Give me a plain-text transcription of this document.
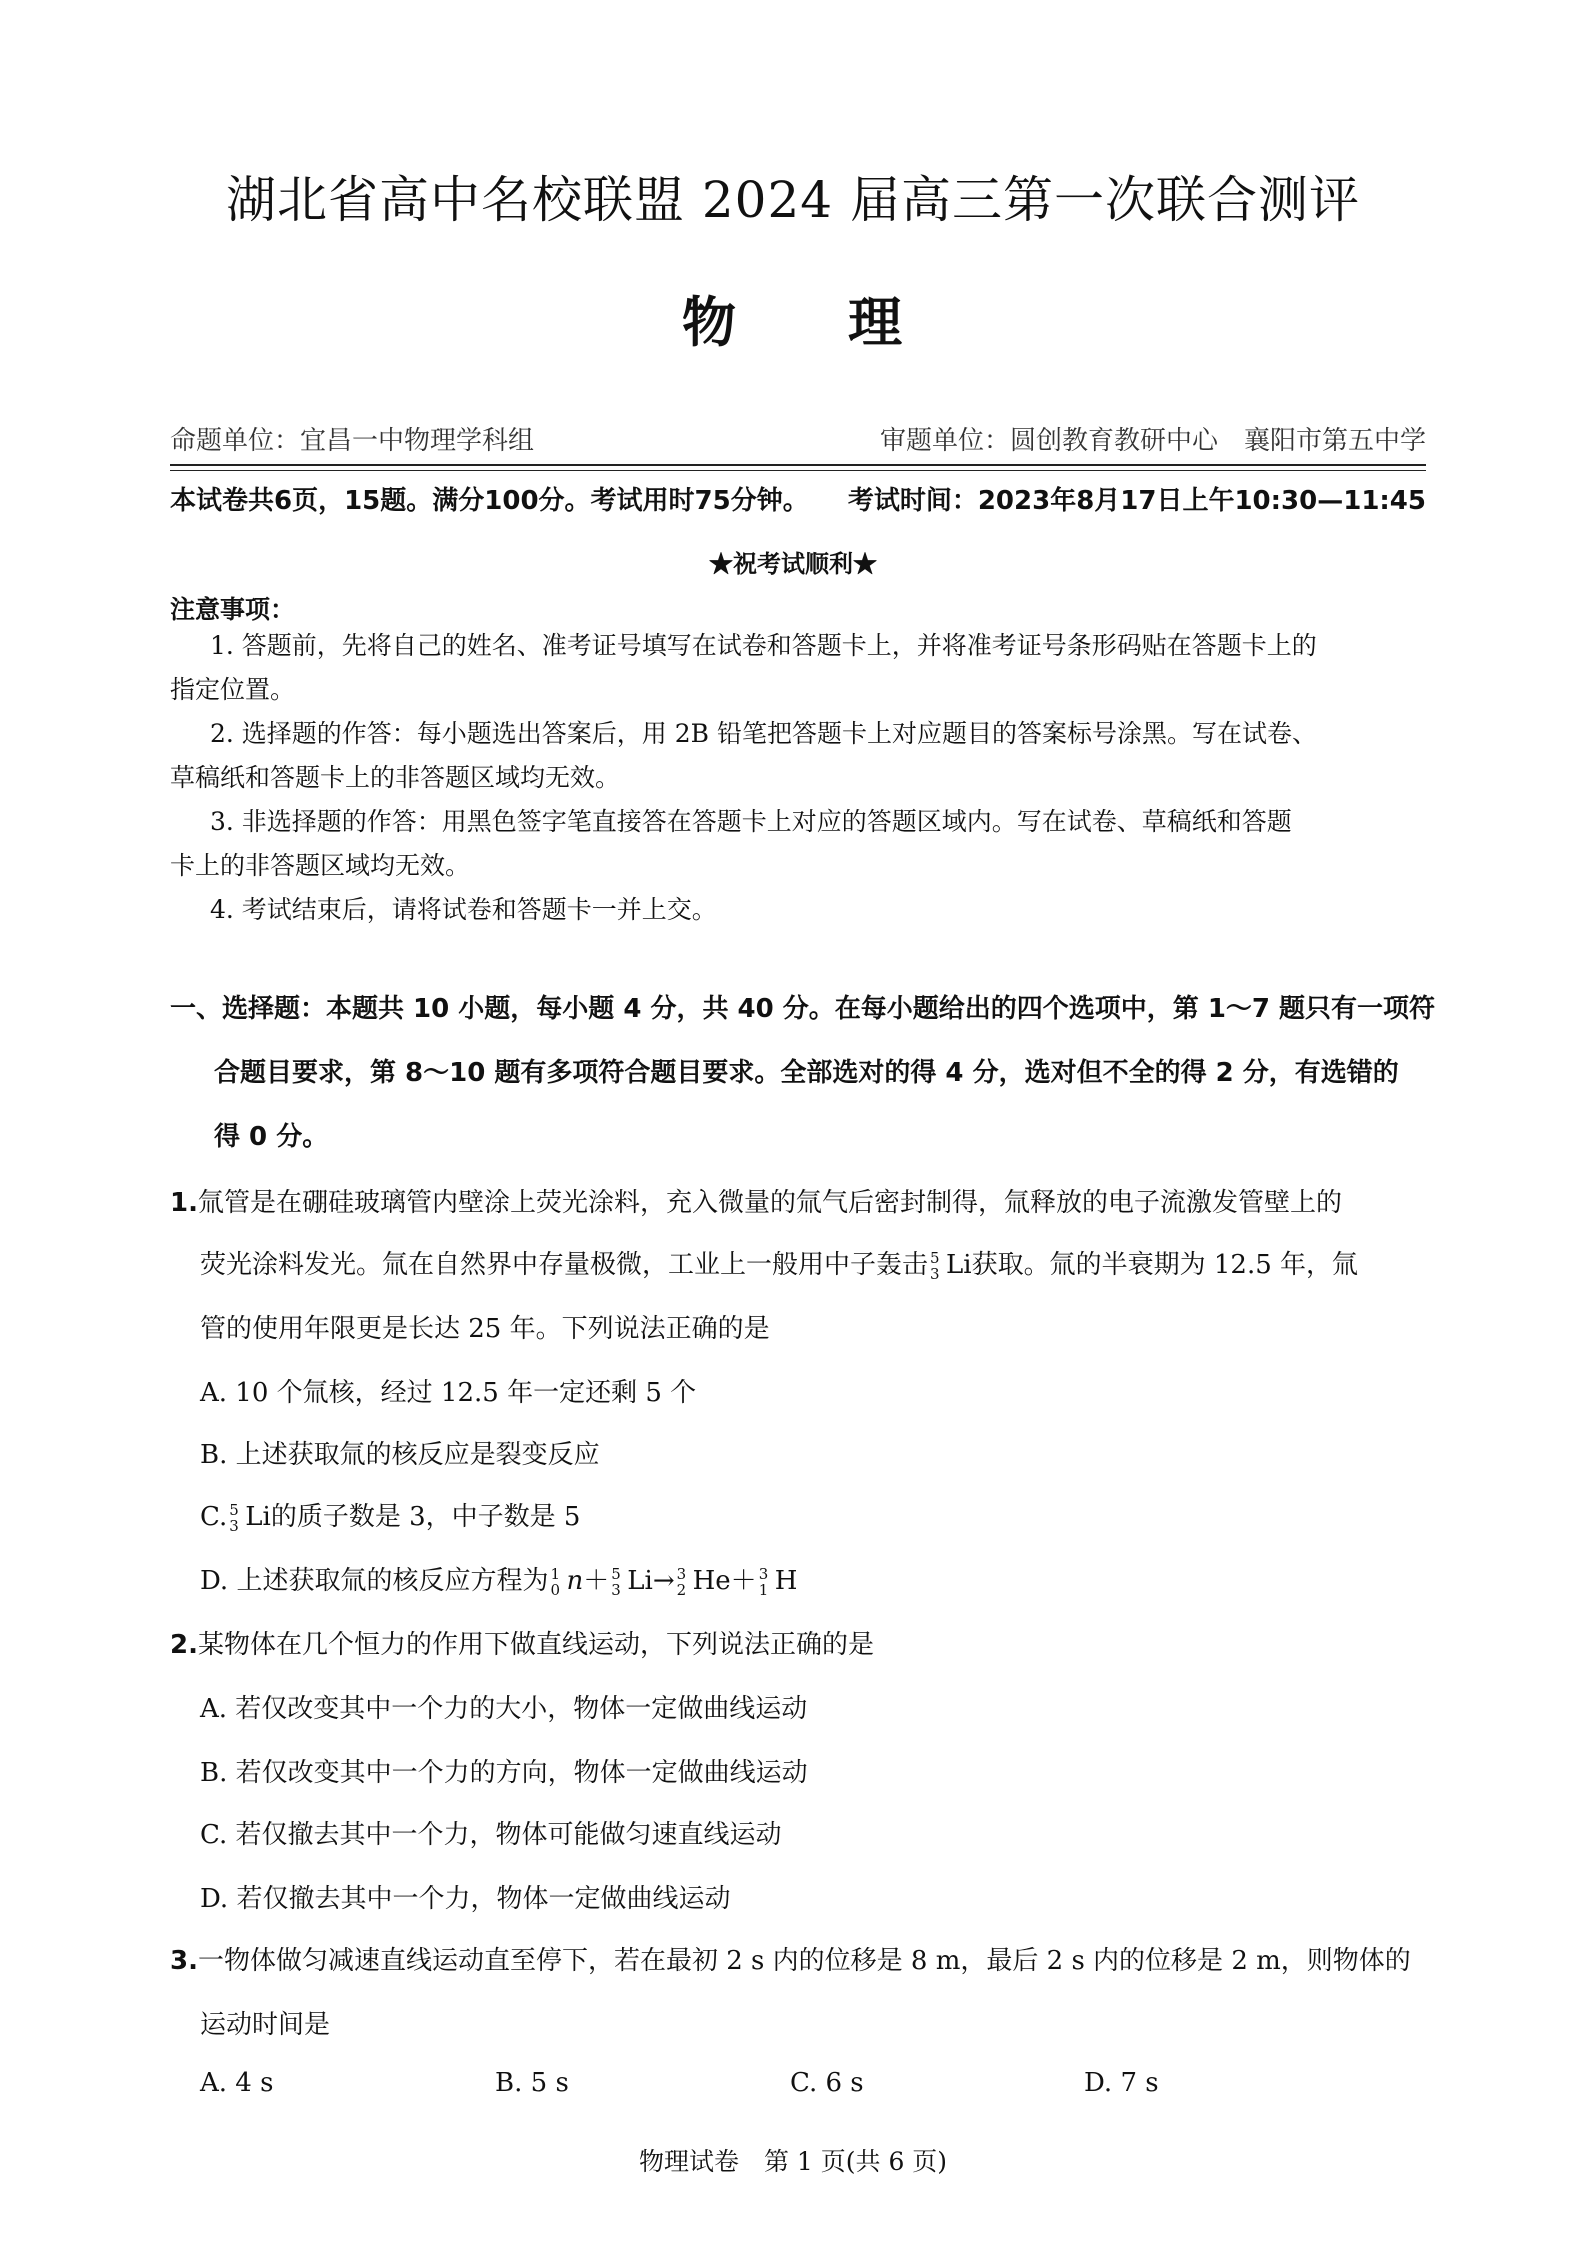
湖北省高中名校联盟 2024 届高三第一次联合测评
物 理
命题单位：宜昌一中物理学科组	审题单位：圆创教育教研中心　襄阳市第五中学
本试卷共6页，15题。满分100分。考试用时75分钟。 考试时间：2023年8月17日上午10:30—11:45
★祝考试顺利★
注意事项：
1. 答题前，先将自己的姓名、准考证号填写在试卷和答题卡上，并将准考证号条形码贴在答题卡上的
指定位置。
2. 选择题的作答：每小题选出答案后，用 2B 铅笔把答题卡上对应题目的答案标号涂黑。写在试卷、
草稿纸和答题卡上的非答题区域均无效。
3. 非选择题的作答：用黑色签字笔直接答在答题卡上对应的答题区域内。写在试卷、草稿纸和答题
卡上的非答题区域均无效。
4. 考试结束后，请将试卷和答题卡一并上交。
一、选择题：本题共 10 小题，每小题 4 分，共 40 分。在每小题给出的四个选项中，第 1～7 题只有一项符
合题目要求，第 8～10 题有多项符合题目要求。全部选对的得 4 分，选对但不全的得 2 分，有选错的
得 0 分。
1.氚管是在硼硅玻璃管内壁涂上荧光涂料，充入微量的氚气后密封制得，氚释放的电子流激发管壁上的
荧光涂料发光。氚在自然界中存量极微，工业上一般用中子轰击 5
3 Li获取。氚的半衰期为 12.5 年，氚
管的使用年限更是长达 25 年。下列说法正确的是
A. 10 个氚核，经过 12.5 年一定还剩 5 个
B. 上述获取氚的核反应是裂变反应
C. 5
3 Li的质子数是 3，中子数是 5
D. 上述获取氚的核反应方程为 1
0 n＋ 5
3 Li→ 3
2 He＋ 3
1 H
2.某物体在几个恒力的作用下做直线运动，下列说法正确的是
A. 若仅改变其中一个力的大小，物体一定做曲线运动
B. 若仅改变其中一个力的方向，物体一定做曲线运动
C. 若仅撤去其中一个力，物体可能做匀速直线运动
D. 若仅撤去其中一个力，物体一定做曲线运动
3.一物体做匀减速直线运动直至停下，若在最初 2 s 内的位移是 8 m，最后 2 s 内的位移是 2 m，则物体的
运动时间是
A. 4 s	B. 5 s	C. 6 s	D. 7 s
物理试卷　第 1 页(共 6 页)
